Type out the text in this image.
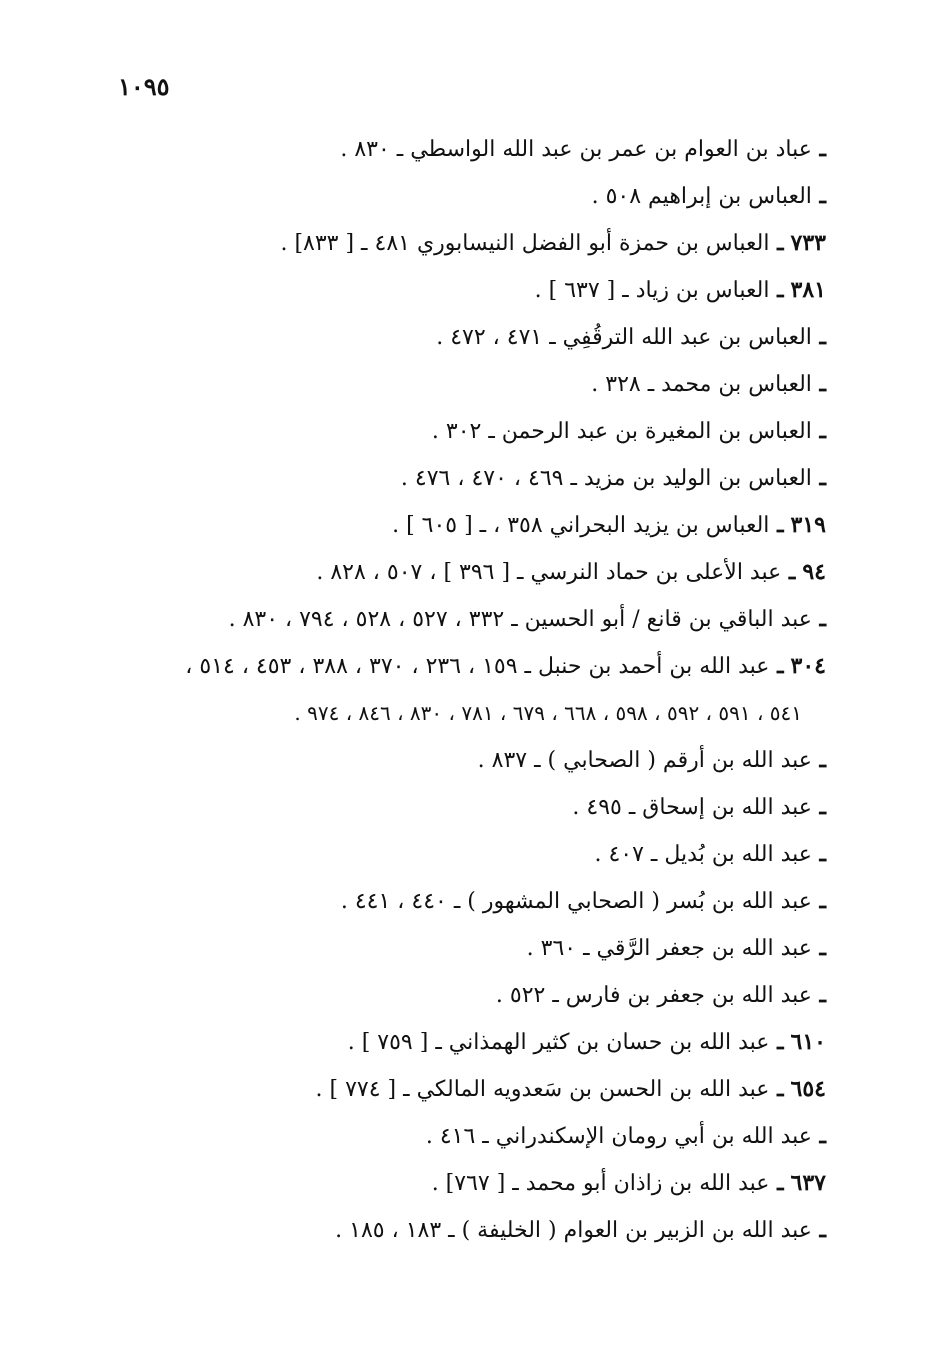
١٠٩٥
ـ عباد بن العوام بن عمر بن عبد الله الواسطي ـ ٨٣٠ .
ـ العباس بن إبراهيم ٥٠٨ .
٧٣٣ ـ العباس بن حمزة أبو الفضل النيسابوري ٤٨١ ـ [ ٨٣٣] .
٣٨١ ـ العباس بن زياد ـ [ ٦٣٧ ] .
ـ العباس بن عبد الله الترقُفِي ـ ٤٧١ ، ٤٧٢ .
ـ العباس بن محمد ـ ٣٢٨ .
ـ العباس بن المغيرة بن عبد الرحمن ـ ٣٠٢ .
ـ العباس بن الوليد بن مزيد ـ ٤٦٩ ، ٤٧٠ ، ٤٧٦ .
٣١٩ ـ العباس بن يزيد البحراني ٣٥٨ ، ـ [ ٦٠٥ ] .
٩٤ ـ عبد الأعلى بن حماد النرسي ـ [ ٣٩٦ ] ، ٥٠٧ ، ٨٢٨ .
ـ عبد الباقي بن قانع / أبو الحسين ـ ٣٣٢ ، ٥٢٧ ، ٥٢٨ ، ٧٩٤ ، ٨٣٠ .
٣٠٤ ـ عبد الله بن أحمد بن حنبل ـ ١٥٩ ، ٢٣٦ ، ٣٧٠ ، ٣٨٨ ، ٤٥٣ ، ٥١٤ ،
٥٤١ ، ٥٩١ ، ٥٩٢ ، ٥٩٨ ، ٦٦٨ ، ٦٧٩ ، ٧٨١ ، ٨٣٠ ، ٨٤٦ ، ٩٧٤ .
ـ عبد الله بن أرقم ( الصحابي ) ـ ٨٣٧ .
ـ عبد الله بن إسحاق ـ ٤٩٥ .
ـ عبد الله بن بُديل ـ ٤٠٧ .
ـ عبد الله بن بُسر ( الصحابي المشهور ) ـ ٤٤٠ ، ٤٤١ .
ـ عبد الله بن جعفر الرَّقي ـ ٣٦٠ .
ـ عبد الله بن جعفر بن فارس ـ ٥٢٢ .
٦١٠ ـ عبد الله بن حسان بن كثير الهمذاني ـ [ ٧٥٩ ] .
٦٥٤ ـ عبد الله بن الحسن بن سَعدويه المالكي ـ [ ٧٧٤ ] .
ـ عبد الله بن أبي رومان الإسكندراني ـ ٤١٦ .
٦٣٧ ـ عبد الله بن زاذان أبو محمد ـ [ ٧٦٧] .
ـ عبد الله بن الزبير بن العوام ( الخليفة ) ـ ١٨٣ ، ١٨٥ .
